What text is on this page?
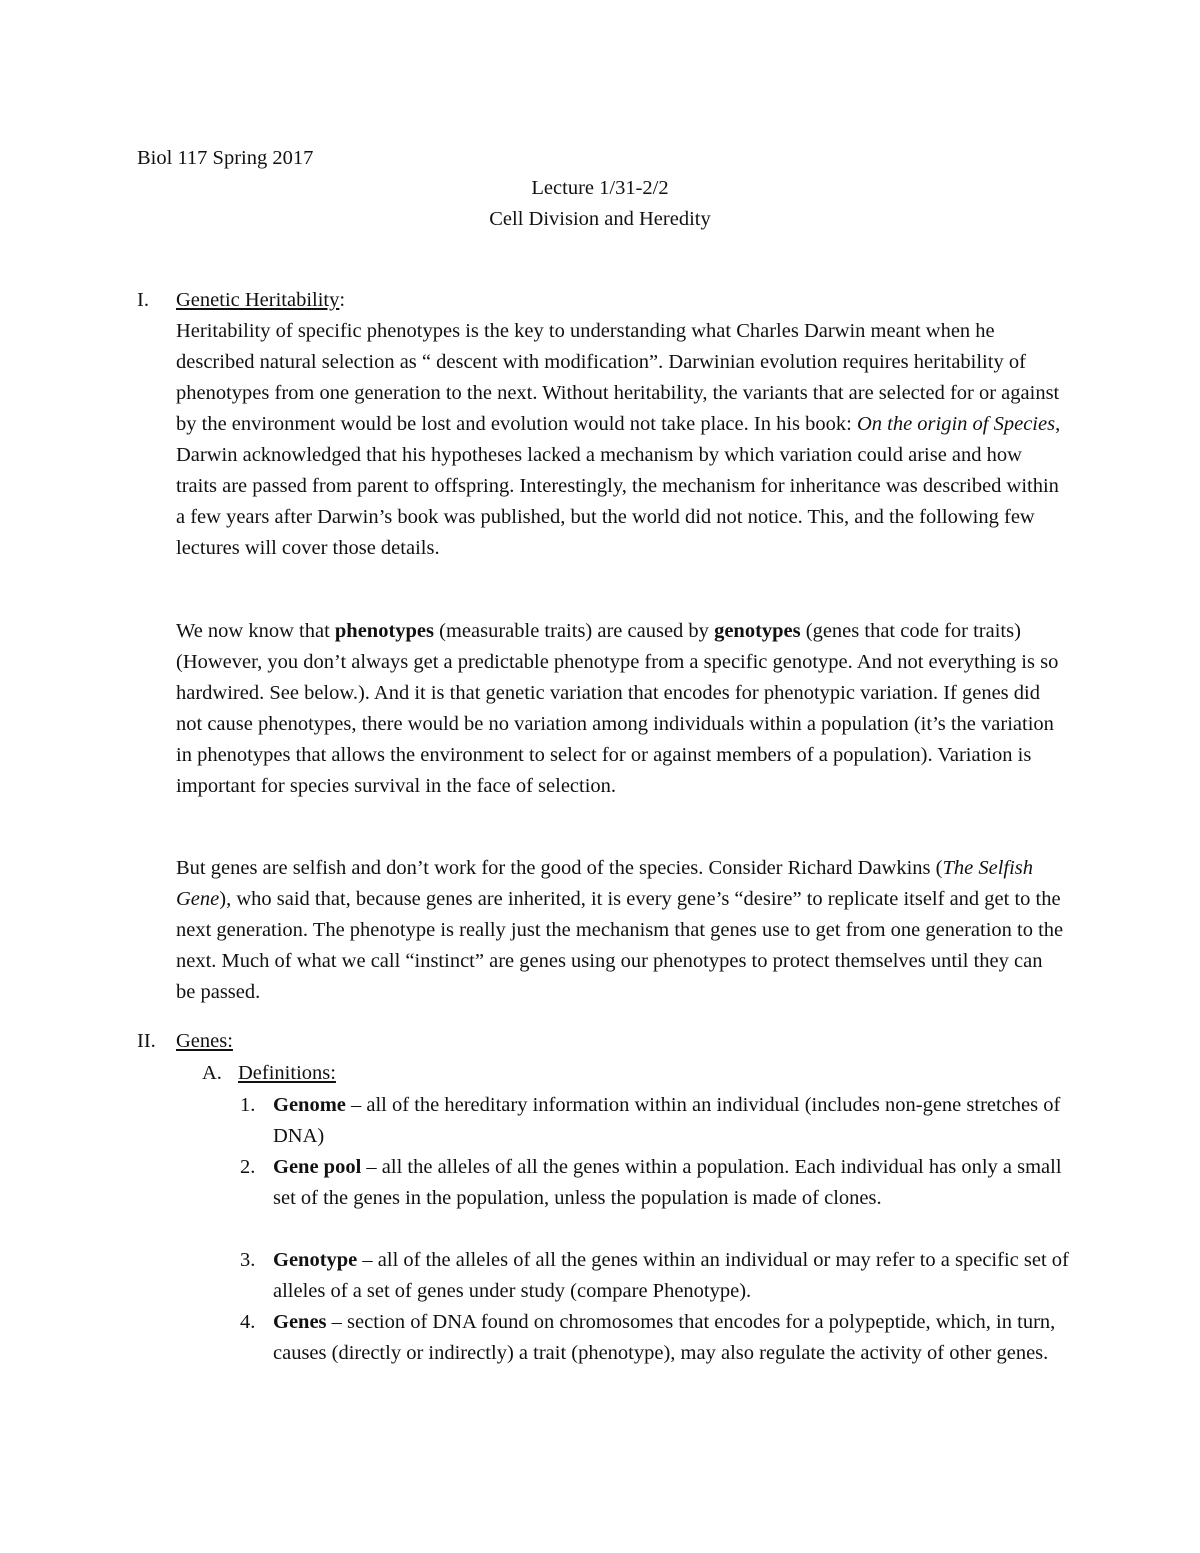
Biol 117 Spring 2017
Lecture 1/31-2/2
Cell Division and Heredity
I. Genetic Heritability:

Heritability of specific phenotypes is the key to understanding what Charles Darwin meant when he described natural selection as “ descent with modification”. Darwinian evolution requires heritability of phenotypes from one generation to the next. Without heritability, the variants that are selected for or against by the environment would be lost and evolution would not take place. In his book: On the origin of Species, Darwin acknowledged that his hypotheses lacked a mechanism by which variation could arise and how traits are passed from parent to offspring. Interestingly, the mechanism for inheritance was described within a few years after Darwin’s book was published, but the world did not notice. This, and the following few lectures will cover those details.

We now know that phenotypes (measurable traits) are caused by genotypes (genes that code for traits) (However, you don’t always get a predictable phenotype from a specific genotype. And not everything is so hardwired. See below.). And it is that genetic variation that encodes for phenotypic variation. If genes did not cause phenotypes, there would be no variation among individuals within a population (it’s the variation in phenotypes that allows the environment to select for or against members of a population). Variation is important for species survival in the face of selection.

But genes are selfish and don’t work for the good of the species. Consider Richard Dawkins (The Selfish Gene), who said that, because genes are inherited, it is every gene’s “desire” to replicate itself and get to the next generation. The phenotype is really just the mechanism that genes use to get from one generation to the next. Much of what we call “instinct” are genes using our phenotypes to protect themselves until they can be passed.

II. Genes:
A. Definitions:
1. Genome – all of the hereditary information within an individual (includes non-gene stretches of DNA)

2. Gene pool – all the alleles of all the genes within a population. Each individual has only a small set of the genes in the population, unless the population is made of clones.

3. Genotype – all of the alleles of all the genes within an individual or may refer to a specific set of alleles of a set of genes under study (compare Phenotype).

4. Genes – section of DNA found on chromosomes that encodes for a polypeptide, which, in turn, causes (directly or indirectly) a trait (phenotype), may also regulate the activity of other genes.
